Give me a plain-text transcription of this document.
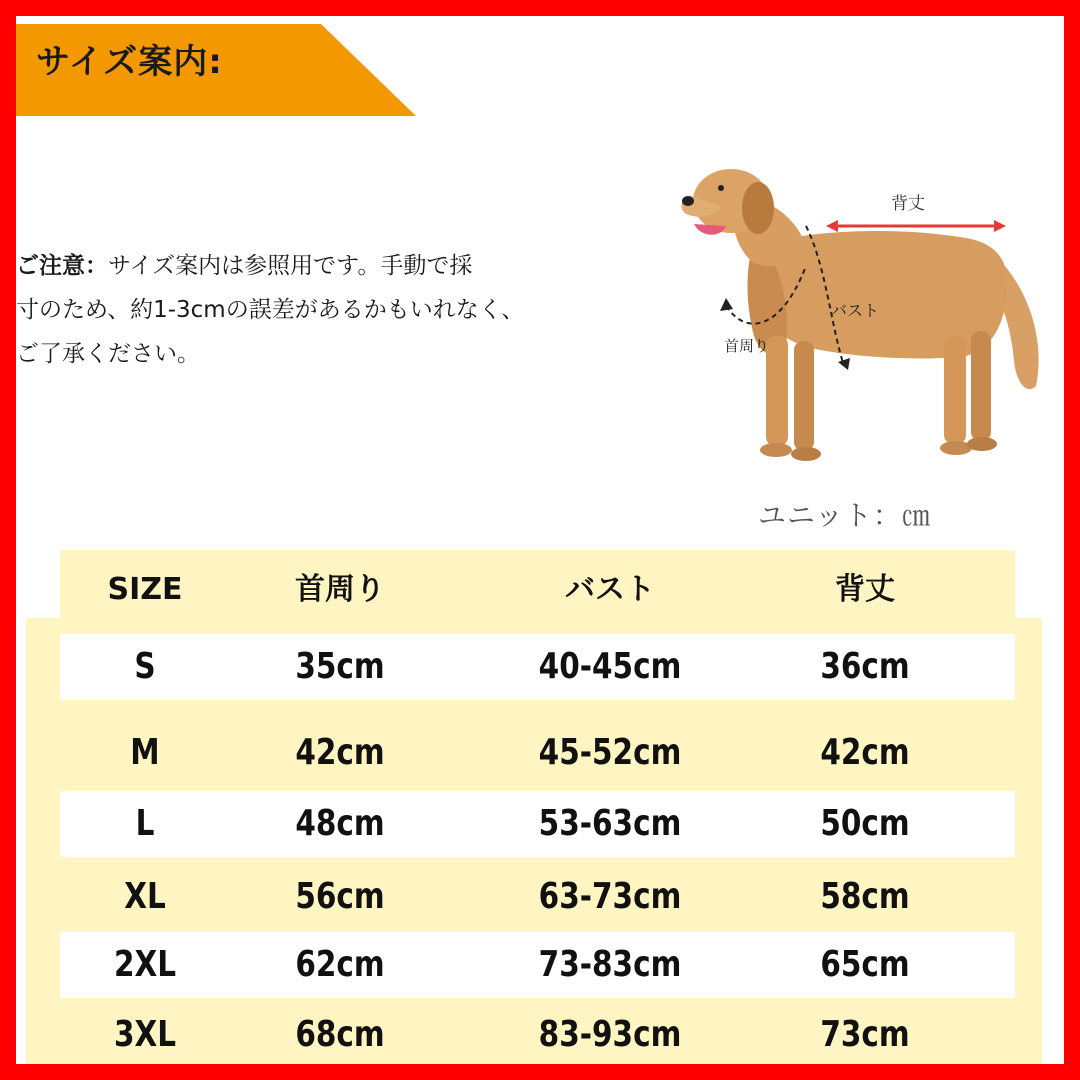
サイズ案内:
ご注意：サイズ案内は参照用です。手動で採
寸のため、約1-3cmの誤差があるかもいれなく、
ご了承ください。
背丈
首周り
バスト
ユニット：㎝
SIZE	首周り	バスト	背丈
S	35cm	40-45cm	36cm
M	42cm	45-52cm	42cm
L	48cm	53-63cm	50cm
XL	56cm	63-73cm	58cm
2XL	62cm	73-83cm	65cm
3XL	68cm	83-93cm	73cm
